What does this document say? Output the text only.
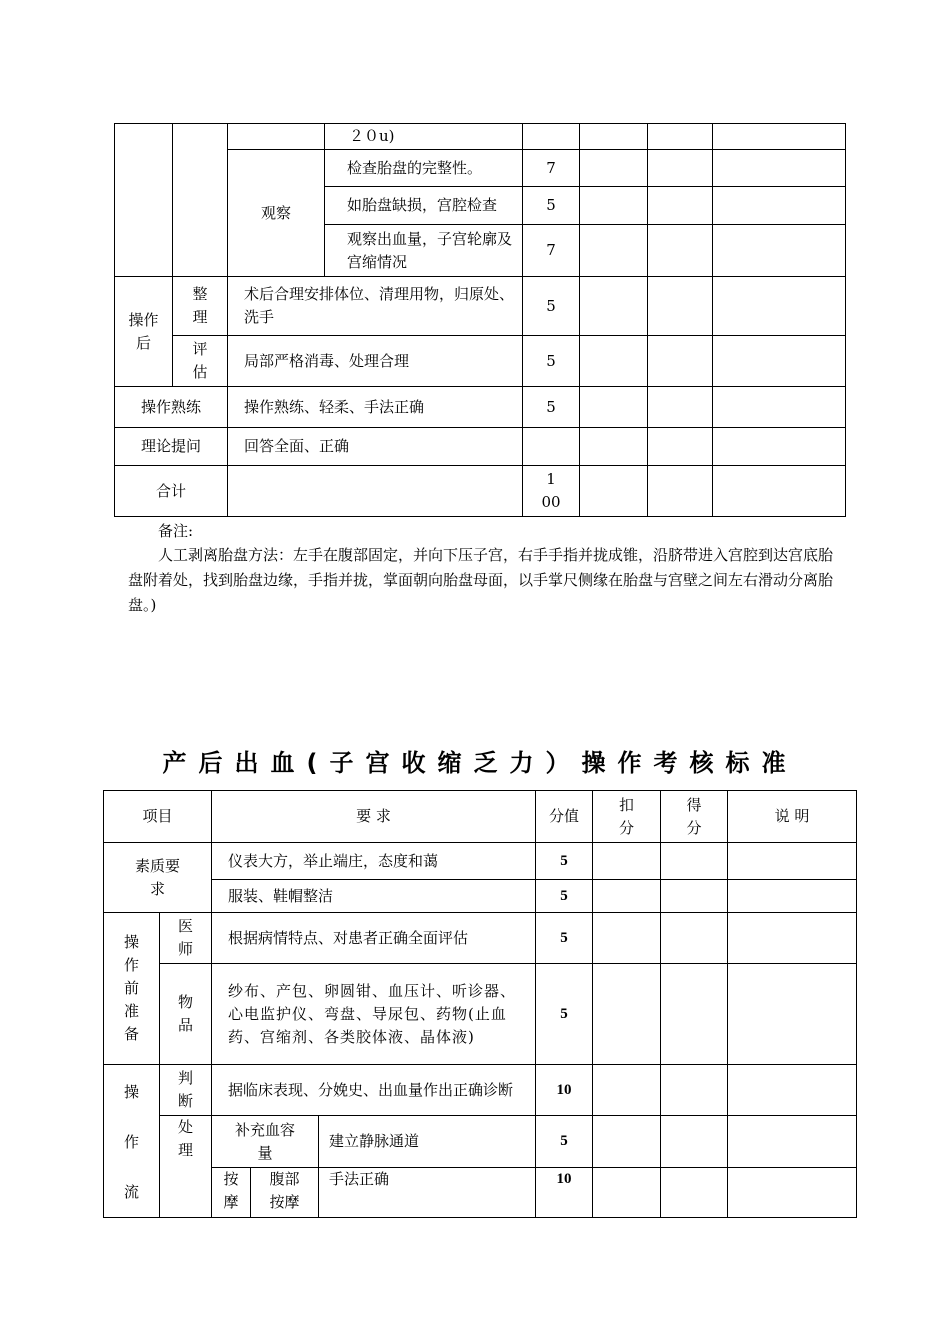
			２０u)				
		观察	检查胎盘的完整性。	7			
			如胎盘缺损，宫腔检查	5			
			观察出血量，子宫轮廓及宫缩情况	7			
操作后	整理	术后合理安排体位、清理用物，归原处、洗手		5			
	评估	局部严格消毒、处理合理		5			
操作熟练		操作熟练、轻柔、手法正确		5			
理论提问		回答全面、正确					
合计				1
00			
备注:
人工剥离胎盘方法：左手在腹部固定，并向下压子宫，右手手指并拢成锥，沿脐带进入宫腔到达宫底胎盘附着处，找到胎盘边缘，手指并拢，掌面朝向胎盘母面，以手掌尺侧缘在胎盘与宫壁之间左右滑动分离胎盘。)
产后出血(子宫收缩乏力）操作考核标准
项目		要 求			分值	扣分	得分	说 明
素质要求		仪表大方，举止端庄，态度和蔼			5			
		服装、鞋帽整洁			5			
操作前准备	医师	根据病情特点、对患者正确全面评估			5			
	物品	纱布、产包、卵圆钳、血压计、听诊器、心电监护仪、弯盘、导尿包、药物(止血药、宫缩剂、各类胶体液、晶体液)			5			
操
作
流	判断	据临床表现、分娩史、出血量作出正确诊断			10			
	处理	补充血容量		建立静脉通道	5			
		按摩	腹部按摩	手法正确	10			
